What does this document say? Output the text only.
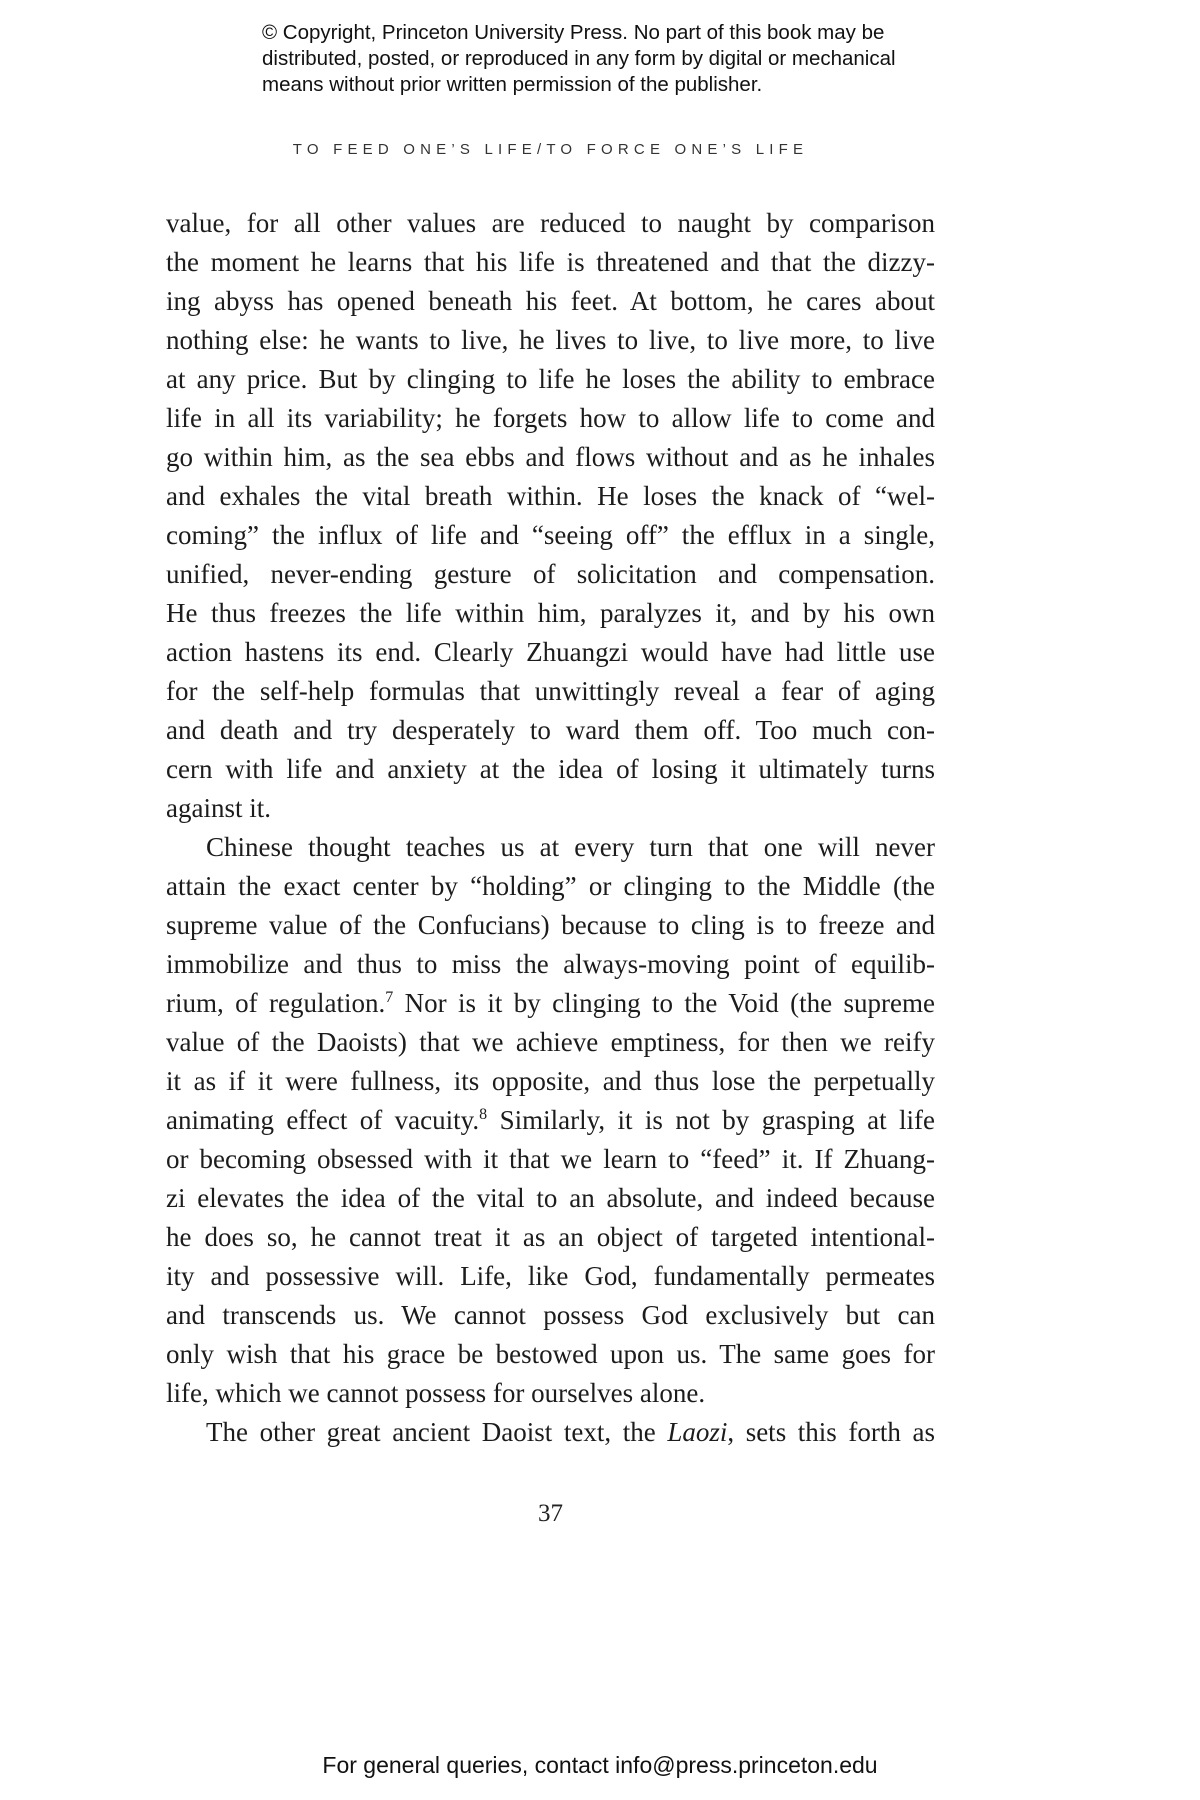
© Copyright, Princeton University Press. No part of this book may be
distributed, posted, or reproduced in any form by digital or mechanical
means without prior written permission of the publisher.
TO FEED ONE’S LIFE/TO FORCE ONE’S LIFE
value, for all other values are reduced to naught by comparison
the moment he learns that his life is threatened and that the dizzy-
ing abyss has opened beneath his feet. At bottom, he cares about
nothing else: he wants to live, he lives to live, to live more, to live
at any price. But by clinging to life he loses the ability to embrace
life in all its variability; he forgets how to allow life to come and
go within him, as the sea ebbs and flows without and as he inhales
and exhales the vital breath within. He loses the knack of “wel-
coming” the influx of life and “seeing off” the efflux in a single,
unified, never-ending gesture of solicitation and compensation.
He thus freezes the life within him, paralyzes it, and by his own
action hastens its end. Clearly Zhuangzi would have had little use
for the self-help formulas that unwittingly reveal a fear of aging
and death and try desperately to ward them off. Too much con-
cern with life and anxiety at the idea of losing it ultimately turns
against it.
Chinese thought teaches us at every turn that one will never
attain the exact center by “holding” or clinging to the Middle (the
supreme value of the Confucians) because to cling is to freeze and
immobilize and thus to miss the always-moving point of equilib-
rium, of regulation.$^7$ Nor is it by clinging to the Void (the supreme
value of the Daoists) that we achieve emptiness, for then we reify
it as if it were fullness, its opposite, and thus lose the perpetually
animating effect of vacuity.$^8$ Similarly, it is not by grasping at life
or becoming obsessed with it that we learn to “feed” it. If Zhuang-
zi elevates the idea of the vital to an absolute, and indeed because
he does so, he cannot treat it as an object of targeted intentional-
ity and possessive will. Life, like God, fundamentally permeates
and transcends us. We cannot possess God exclusively but can
only wish that his grace be bestowed upon us. The same goes for
life, which we cannot possess for ourselves alone.
The other great ancient Daoist text, the Laozi, sets this forth as
37
For general queries, contact info@press.princeton.edu
